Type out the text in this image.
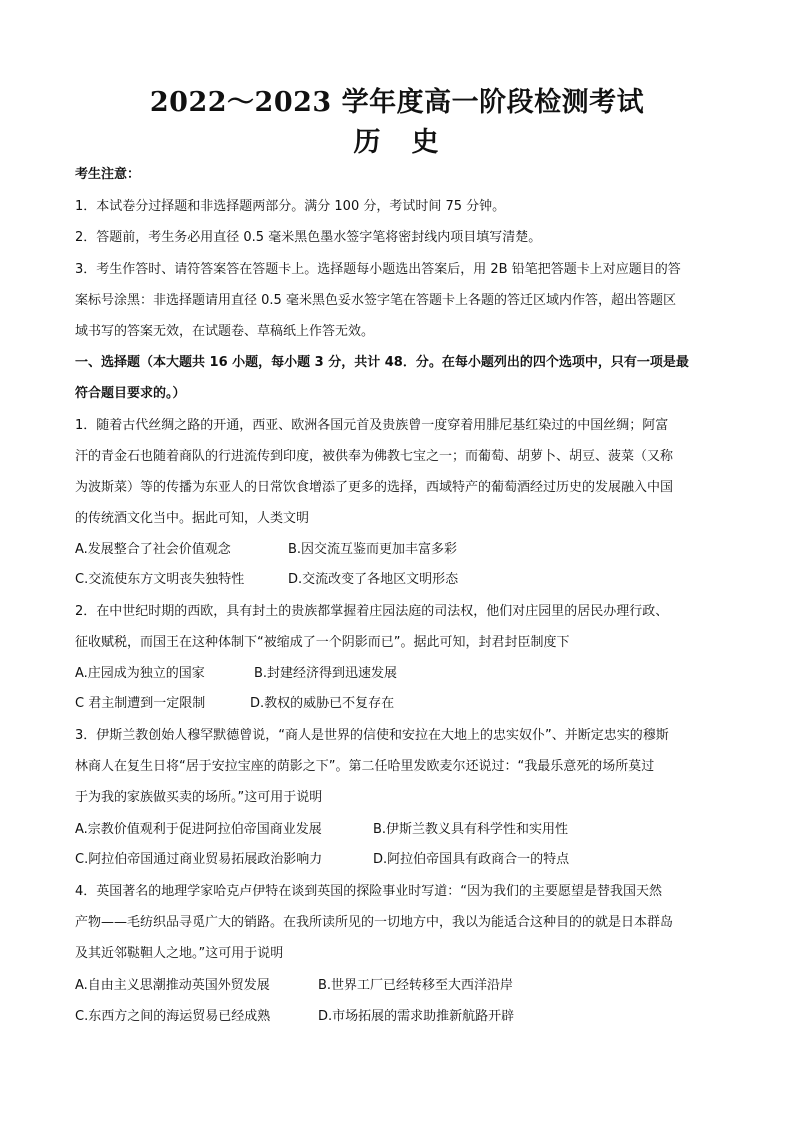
2022～2023 学年度高一阶段检测考试
历　史
考生注意：
1．本试卷分过择题和非选择题两部分。满分 100 分，考试时间 75 分钟。
2．答题前，考生务必用直径 0.5 毫米黑色墨水签字笔将密封线内项目填写清楚。
3．考生作答时、请符答案答在答题卡上。选择题每小题选出答案后，用 2B 铅笔把答题卡上对应题目的答
案标号涂黑：非选择题请用直径 0.5 毫米黑色妥水签字笔在答题卡上各题的答迁区域内作答，超出答题区
域书写的答案无效，在试题卷、草稿纸上作答无效。
一、选择题（本大题共 16 小题，每小题 3 分，共计 48．分。在每小题列出的四个选项中，只有一项是最
符合题目要求的。）
1．随着古代丝绸之路的开通，西亚、欧洲各国元首及贵族曾一度穿着用腓尼基红染过的中国丝绸；阿富
汗的青金石也随着商队的行进流传到印度，被供奉为佛教七宝之一；而葡萄、胡萝卜、胡豆、菠菜（又称
为波斯菜）等的传播为东亚人的日常饮食增添了更多的选择，西域特产的葡萄酒经过历史的发展融入中国
的传统酒文化当中。据此可知，人类文明
A.发展整合了社会价值观念	B.因交流互鉴而更加丰富多彩
C.交流使东方文明丧失独特性	D.交流改变了各地区文明形态
2．在中世纪时期的西欧，具有封土的贵族都掌握着庄园法庭的司法权，他们对庄园里的居民办理行政、
征收赋税，而国王在这种体制下“被缩成了一个阴影而已”。据此可知，封君封臣制度下
A.庄园成为独立的国家	B.封建经济得到迅速发展
C 君主制遭到一定限制	D.教权的威胁已不复存在
3．伊斯兰教创始人穆罕默德曾说，“商人是世界的信使和安拉在大地上的忠实奴仆”、并断定忠实的穆斯
林商人在复生日将“居于安拉宝座的荫影之下”。第二任哈里发欧麦尔还说过：“我最乐意死的场所莫过
于为我的家族做买卖的场所。”这可用于说明
A.宗教价值观利于促进阿拉伯帝国商业发展	B.伊斯兰教义具有科学性和实用性
C.阿拉伯帝国通过商业贸易拓展政治影响力	D.阿拉伯帝国具有政商合一的特点
4．英国著名的地理学家哈克卢伊特在谈到英国的探险事业时写道：“因为我们的主要愿望是替我国天然
产物——毛纺织品寻觅广大的销路。在我所读所见的一切地方中，我以为能适合这种目的的就是日本群岛
及其近邻鞑靼人之地。”这可用于说明
A.自由主义思潮推动英国外贸发展	B.世界工厂已经转移至大西洋沿岸
C.东西方之间的海运贸易已经成熟	D.市场拓展的需求助推新航路开辟
